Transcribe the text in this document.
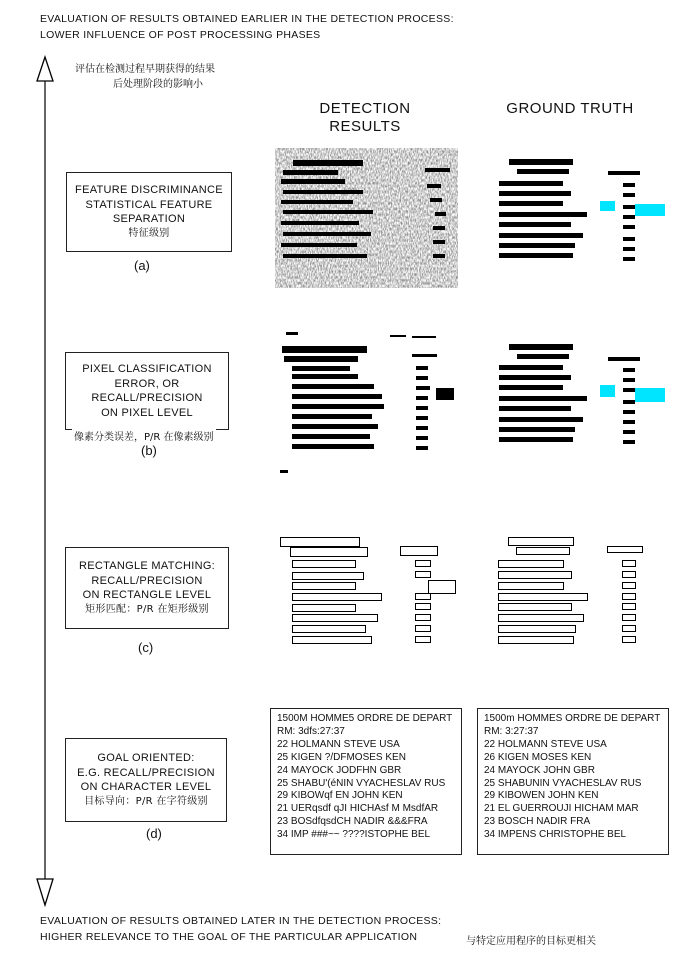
EVALUATION OF RESULTS OBTAINED EARLIER IN THE DETECTION PROCESS:
LOWER INFLUENCE OF POST PROCESSING PHASES
评估在检测过程早期获得的结果
后处理阶段的影响小
DETECTION
RESULTS
GROUND TRUTH
FEATURE DISCRIMINANCE
STATISTICAL FEATURE
SEPARATION
特征级别
(a)
PIXEL CLASSIFICATION
ERROR, OR
RECALL/PRECISION
ON PIXEL LEVEL
像素分类误差，P/R 在像素级别
(b)
RECTANGLE MATCHING:
RECALL/PRECISION
ON RECTANGLE LEVEL
矩形匹配：P/R 在矩形级别
(c)
GOAL ORIENTED:
E.G. RECALL/PRECISION
ON CHARACTER LEVEL
目标导向：P/R 在字符级别
(d)
1500M HOMME5 ORDRE DE DEPART
RM: 3dfs:27:37
22 HOLMANN STEVE USA
25 KIGEN ?/DFMOSES KEN
24 MAYOCK JODFHN GBR
25 SHABU'(éNIN VYACHESLAV RUS
29 KIBOWqf EN JOHN KEN
21 UERqsdf qJI HICHAsf M MsdfAR
23 BOSdfqsdCH NADIR &&&FRA
34 IMP ###~~ ????ISTOPHE BEL
1500m HOMMES ORDRE DE DEPART
RM: 3:27:37
22 HOLMANN STEVE USA
26 KIGEN MOSES KEN
24 MAYOCK JOHN GBR
25 SHABUNIN VYACHESLAV RUS
29 KIBOWEN JOHN KEN
21 EL GUERROUJI HICHAM MAR
23 BOSCH NADIR FRA
34 IMPENS CHRISTOPHE BEL
EVALUATION OF RESULTS OBTAINED LATER IN THE DETECTION PROCESS:
HIGHER RELEVANCE TO THE GOAL OF THE PARTICULAR APPLICATION	与特定应用程序的目标更相关
